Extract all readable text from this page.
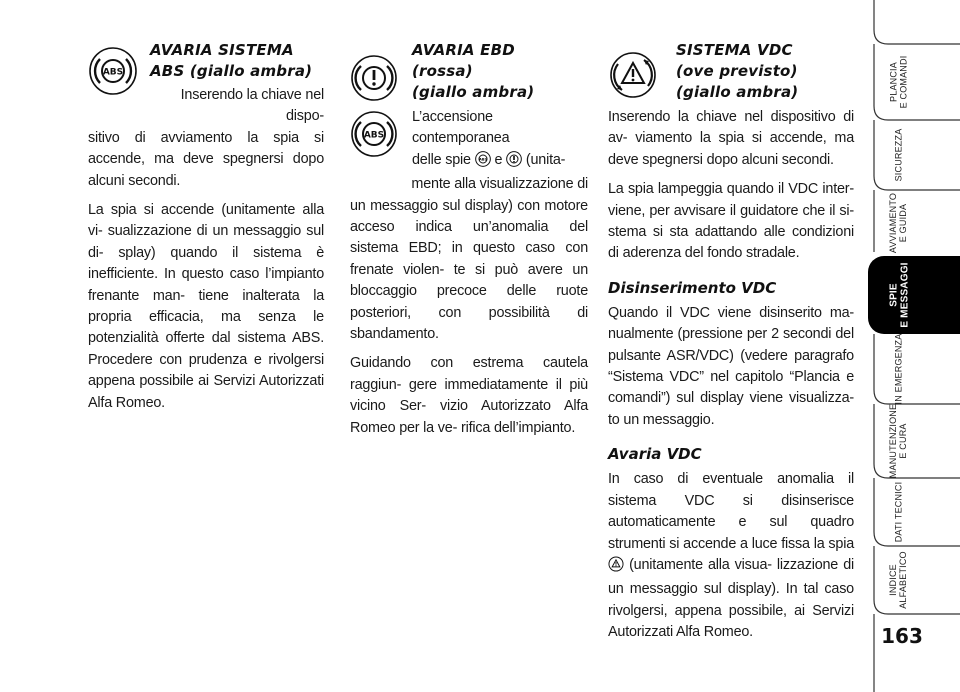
ABS
AVARIA SISTEMA
ABS (giallo ambra)
Inserendo la chiave nel dispo-

sitivo di avviamento la spia si accende, ma deve spegnersi dopo alcuni secondi.

La spia si accende (unitamente alla vi- sualizzazione di un messaggio sul di- splay) quando il sistema è inefficiente. In questo caso l’impianto frenante man- tiene inalterata la propria efficacia, ma senza le potenzialità offerte dal sistema ABS. Procedere con prudenza e rivolgersi appena possibile ai Servizi Autorizzati Alfa Romeo.

ABS
AVARIA EBD
(rossa)
(giallo ambra)
L’accensione contemporanea
delle spie ABS e (unita-
mente alla visualizzazione di

un messaggio sul display) con motore acceso indica un’anomalia del sistema EBD; in questo caso con frenate violen- te si può avere un bloccaggio precoce delle ruote posteriori, con possibilità di sbandamento.

Guidando con estrema cautela raggiun- gere immediatamente il più vicino Ser- vizio Autorizzato Alfa Romeo per la ve- rifica dell’impianto.

SISTEMA VDC
(ove previsto)
(giallo ambra)

Inserendo la chiave nel dispositivo di av- viamento la spia si accende, ma deve spegnersi dopo alcuni secondi.

La spia lampeggia quando il VDC inter- viene, per avvisare il guidatore che il si- stema si sta adattando alle condizioni di aderenza del fondo stradale.

Disinserimento VDC

Quando il VDC viene disinserito ma- nualmente (pressione per 2 secondi del pulsante ASR/VDC) (vedere paragrafo “Sistema VDC” nel capitolo “Plancia e comandi”) sul display viene visualizza- to un messaggio.

Avaria VDC

In caso di eventuale anomalia il sistema VDC si disinserisce automaticamente e sul quadro strumenti si accende a luce fissa la spia  (unitamente alla visua- lizzazione di un messaggio sul display). In tal caso rivolgersi, appena possibile, ai Servizi Autorizzati Alfa Romeo.

PLANCIA
E COMANDI
SICUREZZA
AVVIAMENTO
E GUIDA
IN EMERGENZA
MANUTENZIONE
E CURA
DATI TECNICI
INDICE
ALFABETICO
SPIE
E MESSAGGI
163
